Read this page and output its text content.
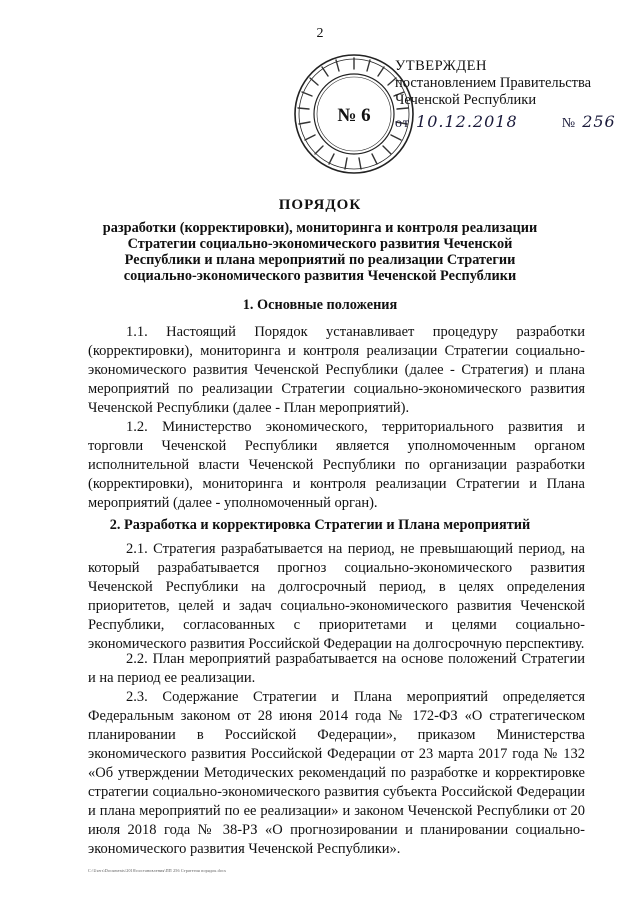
2
№ 6
УТВЕРЖДЕН
постановлением Правительства
Чеченской Республики
от 10.12.2018	№ 256
ПОРЯДОК
разработки (корректировки), мониторинга и контроля реализации Стратегии социально-экономического развития Чеченской Республики и плана мероприятий по реализации Стратегии социально-экономического развития Чеченской Республики
1. Основные положения

1.1. Настоящий Порядок устанавливает процедуру разработки (корректировки), мониторинга и контроля реализации Стратегии социально-экономического развития Чеченской Республики (далее - Стратегия) и плана мероприятий по реализации Стратегии социально-экономического развития Чеченской Республики (далее - План мероприятий).

1.2. Министерство экономического, территориального развития и торговли Чеченской Республики является уполномоченным органом исполнительной власти Чеченской Республики по организации разработки (корректировки), мониторинга и контроля реализации Стратегии и Плана мероприятий (далее - уполномоченный орган).

2. Разработка и корректировка Стратегии и Плана мероприятий

2.1. Стратегия разрабатывается на период, не превышающий период, на который разрабатывается прогноз социально-экономического развития Чеченской Республики на долгосрочный период, в целях определения приоритетов, целей и задач социально-экономического развития Чеченской Республики, согласованных с приоритетами и целями социально-экономического развития Российской Федерации на долгосрочную перспективу.

2.2. План мероприятий разрабатывается на основе положений Стратегии и на период ее реализации.

2.3. Содержание Стратегии и Плана мероприятий определяется Федеральным законом от 28 июня 2014 года № 172-ФЗ «О стратегическом планировании в Российской Федерации», приказом Министерства экономического развития Российской Федерации от 23 марта 2017 года № 132 «Об утверждении Методических рекомендаций по разработке и корректировке стратегии социально-экономического развития субъекта Российской Федерации и плана мероприятий по ее реализации» и законом Чеченской Республики от 20 июля 2018 года № 38-РЗ «О прогнозировании и планировании социально-экономического развития Чеченской Республики».

C:\Users\Documents\2018\постановления\ПП 256 Стратегия порядок.docx
